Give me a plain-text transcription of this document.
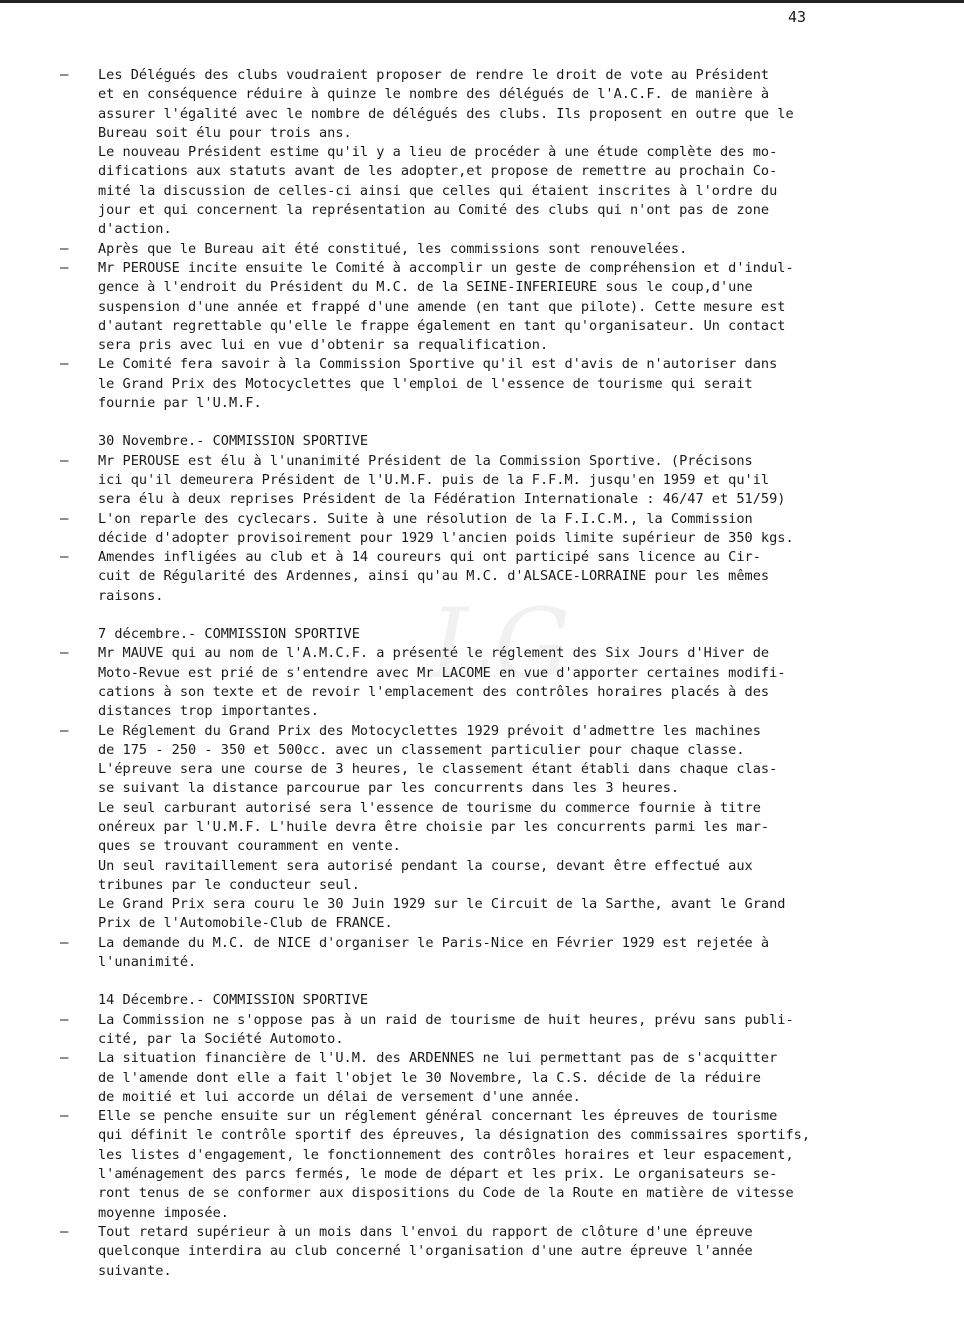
43
LG
– Les Délégués des clubs voudraient proposer de rendre le droit de vote au Président
et en conséquence réduire à quinze le nombre des délégués de l'A.C.F. de manière à
assurer l'égalité avec le nombre de délégués des clubs. Ils proposent en outre que le
Bureau soit élu pour trois ans.
Le nouveau Président estime qu'il y a lieu de procéder à une étude complète des mo-
difications aux statuts avant de les adopter,et propose de remettre au prochain Co-
mité la discussion de celles-ci ainsi que celles qui étaient inscrites à l'ordre du
jour et qui concernent la représentation au Comité des clubs qui n'ont pas de zone
d'action.
– Après que le Bureau ait été constitué, les commissions sont renouvelées.
– Mr PEROUSE incite ensuite le Comité à accomplir un geste de compréhension et d'indul-
gence à l'endroit du Président du M.C. de la SEINE-INFERIEURE sous le coup,d'une
suspension d'une année et frappé d'une amende (en tant que pilote). Cette mesure est
d'autant regrettable qu'elle le frappe également en tant qu'organisateur. Un contact
sera pris avec lui en vue d'obtenir sa requalification.
– Le Comité fera savoir à la Commission Sportive qu'il est d'avis de n'autoriser dans
le Grand Prix des Motocyclettes que l'emploi de l'essence de tourisme qui serait
fournie par l'U.M.F.
30 Novembre.- COMMISSION SPORTIVE
– Mr PEROUSE est élu à l'unanimité Président de la Commission Sportive. (Précisons
ici qu'il demeurera Président de l'U.M.F. puis de la F.F.M. jusqu'en 1959 et qu'il
sera élu à deux reprises Président de la Fédération Internationale : 46/47 et 51/59)
– L'on reparle des cyclecars. Suite à une résolution de la F.I.C.M., la Commission
décide d'adopter provisoirement pour 1929 l'ancien poids limite supérieur de 350 kgs.
– Amendes infligées au club et à 14 coureurs qui ont participé sans licence au Cir-
cuit de Régularité des Ardennes, ainsi qu'au M.C. d'ALSACE-LORRAINE pour les mêmes
raisons.
7 décembre.- COMMISSION SPORTIVE
– Mr MAUVE qui au nom de l'A.M.C.F. a présenté le réglement des Six Jours d'Hiver de
Moto-Revue est prié de s'entendre avec Mr LACOME en vue d'apporter certaines modifi-
cations à son texte et de revoir l'emplacement des contrôles horaires placés à des
distances trop importantes.
– Le Réglement du Grand Prix des Motocyclettes 1929 prévoit d'admettre les machines
de 175 - 250 - 350 et 500cc. avec un classement particulier pour chaque classe.
L'épreuve sera une course de 3 heures, le classement étant établi dans chaque clas-
se suivant la distance parcourue par les concurrents dans les 3 heures.
Le seul carburant autorisé sera l'essence de tourisme du commerce fournie à titre
onéreux par l'U.M.F. L'huile devra être choisie par les concurrents parmi les mar-
ques se trouvant couramment en vente.
Un seul ravitaillement sera autorisé pendant la course, devant être effectué aux
tribunes par le conducteur seul.
Le Grand Prix sera couru le 30 Juin 1929 sur le Circuit de la Sarthe, avant le Grand
Prix de l'Automobile-Club de FRANCE.
– La demande du M.C. de NICE d'organiser le Paris-Nice en Février 1929 est rejetée à
l'unanimité.
14 Décembre.- COMMISSION SPORTIVE
– La Commission ne s'oppose pas à un raid de tourisme de huit heures, prévu sans publi-
cité, par la Société Automoto.
– La situation financière de l'U.M. des ARDENNES ne lui permettant pas de s'acquitter
de l'amende dont elle a fait l'objet le 30 Novembre, la C.S. décide de la réduire
de moitié et lui accorde un délai de versement d'une année.
– Elle se penche ensuite sur un réglement général concernant les épreuves de tourisme
qui définit le contrôle sportif des épreuves, la désignation des commissaires sportifs,
les listes d'engagement, le fonctionnement des contrôles horaires et leur espacement,
l'aménagement des parcs fermés, le mode de départ et les prix. Le organisateurs se-
ront tenus de se conformer aux dispositions du Code de la Route en matière de vitesse
moyenne imposée.
– Tout retard supérieur à un mois dans l'envoi du rapport de clôture d'une épreuve
quelconque interdira au club concerné l'organisation d'une autre épreuve l'année
suivante.
